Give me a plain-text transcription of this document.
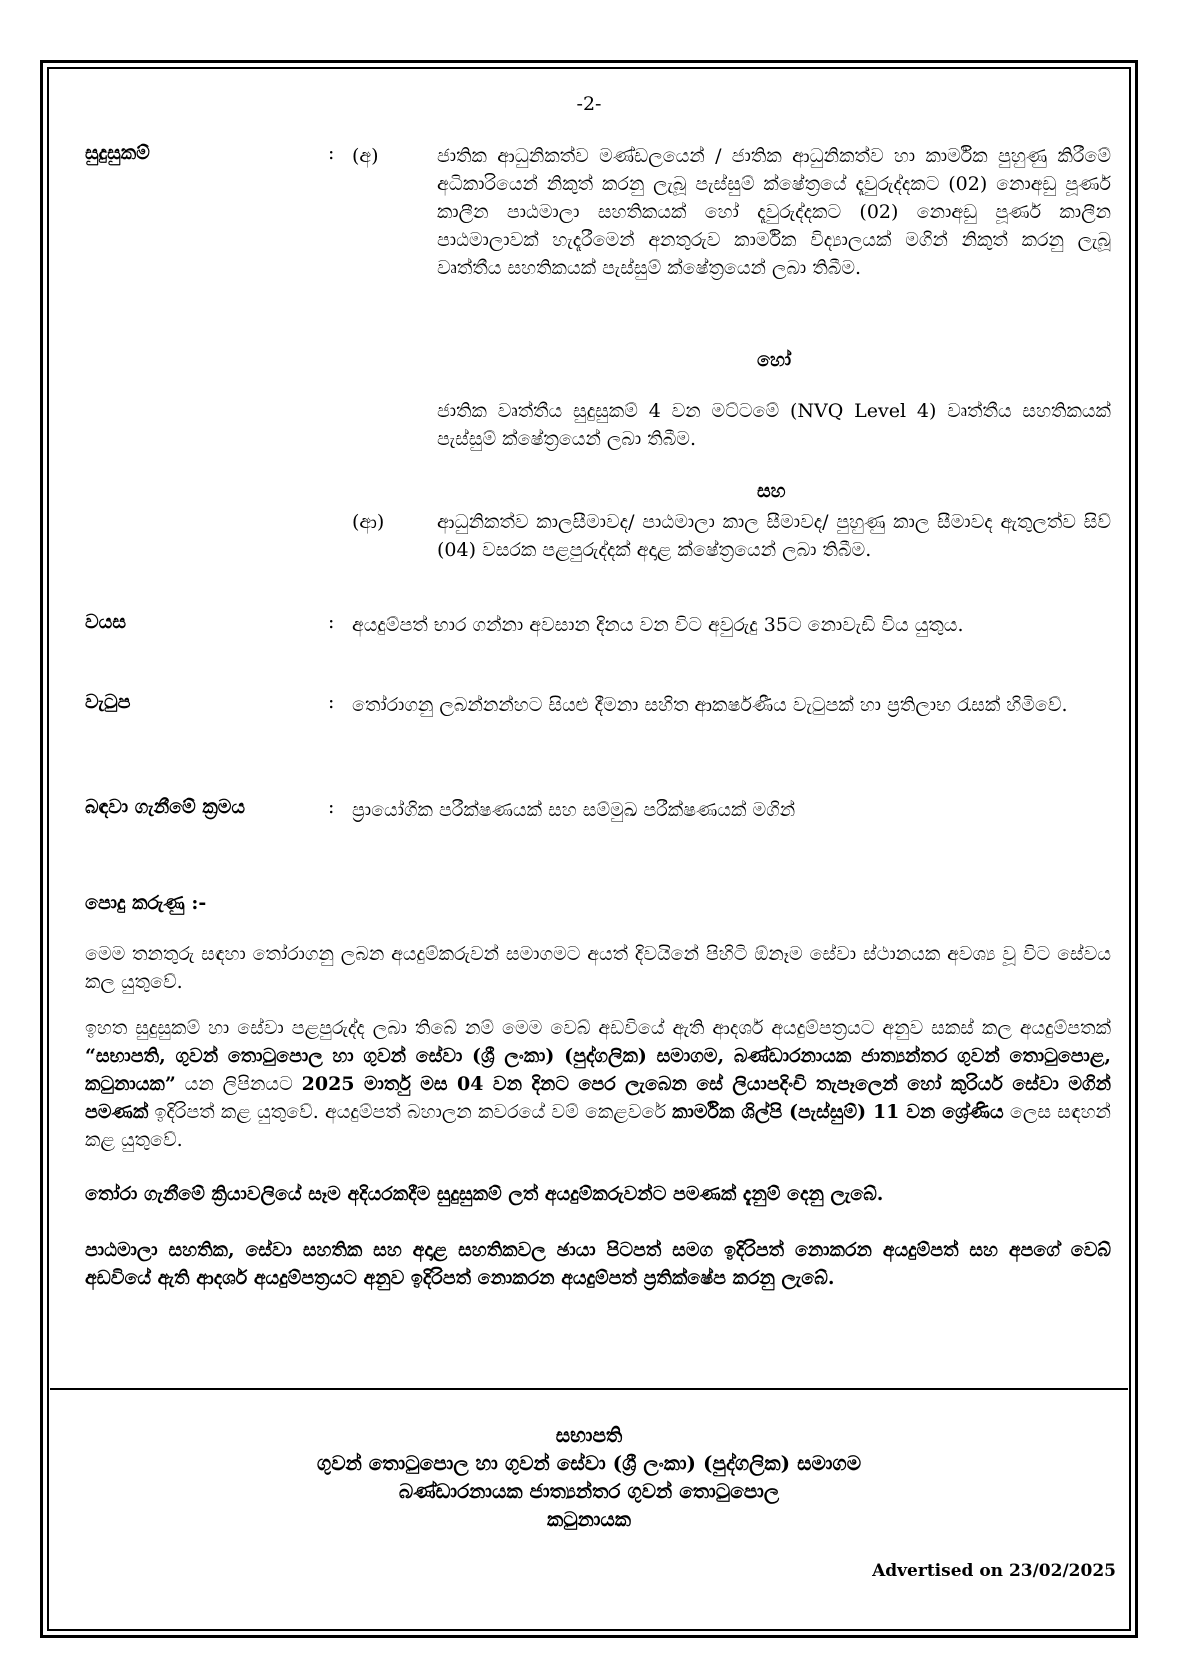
-2-
සුදුසුකම්	: (අ)	ජාතික ආධුනිකත්ව මණ්ඩලයෙන් / ජාතික ආධුනිකත්ව හා කාර්මික පුහුණු කිරීමේ අධිකාරියෙන් නිකුත් කරනු ලැබූ පැස්සුම් ක්ෂේත්‍රයේ දෑවුරුද්දකට (02) නොඅඩු පූර්ණ කාලීන පාඨමාලා සහතිකයක් හෝ දෑවුරුද්දකට (02) නොඅඩු පූර්ණ කාලීන පාඨමාලාවක් හැදෑරීමෙන් අනතුරුව කාර්මික විද්‍යාලයක් මගින් නිකුත් කරනු ලැබූ වෘත්තීය සහතිකයක් පැස්සුම් ක්ෂේත්‍රයෙන් ලබා තිබීම.
හෝ
ජාතික වෘත්තීය සුදුසුකම් 4 වන මට්ටමේ (NVQ Level 4) වෘත්තීය සහතිකයක් පැස්සුම් ක්ෂේත්‍රයෙන් ලබා තිබීම.
සහ
(ආ)	ආධුනිකත්ව කාලසීමාවද/ පාඨමාලා කාල සීමාවද/ පුහුණු කාල සීමාවද ඇතුලත්ව සිව් (04) වසරක පළපුරුද්දක් අදාළ ක්ෂේත්‍රයෙන් ලබා තිබීම.
වයස	: අයදුම්පත් භාර ගන්නා අවසාන දිනය වන විට අවුරුදු 35ට නොවැඩි විය යුතුය.
වැටුප	: තෝරාගනු ලබන්නන්හට සියළු දීමනා සහිත ආකර්ෂණීය වැටුපක් හා ප්‍රතිලාභ රැසක් හිමිවේ.
බඳවා ගැනීමේ ක්‍රමය	: ප්‍රායෝගික පරීක්ෂණයක් සහ සම්මුඛ පරීක්ෂණයක් මගින්
පොදු කරුණු :-
මෙම තනතුරු සඳහා තෝරාගනු ලබන අයදුම්කරුවන් සමාගමට අයත් දිවයිනේ පිහිටි ඕනෑම සේවා ස්ථානයක අවශ්‍ය වූ විට සේවය කල යුතුවේ.
ඉහත සුදුසුකම් හා සේවා පළපුරුද්ද ලබා තිබේ නම් මෙම වෙබ් අඩවියේ ඇති ආදර්ශ අයදුම්පත්‍රයට අනුව සකස් කල අයදුම්පතක් “සභාපති, ගුවන් තොටුපොල හා ගුවන් සේවා (ශ්‍රී ලංකා) (පුද්ගලික) සමාගම, බණ්ඩාරනායක ජාත්‍යන්තර ගුවන් තොටුපොළ, කටුනායක” යන ලිපිනයට 2025 මාර්තු මස 04 වන දිනට පෙර ලැබෙන සේ ලියාපදිංචි තැපෑලෙන් හෝ කුරියර් සේවා මගින් පමණක් ඉදිරිපත් කළ යුතුවේ. අයදුම්පත් බහාලන කවරයේ වම් කෙළවරේ කාර්මික ශිල්පි (පැස්සුම්) 11 වන ශ්‍රේණිය ලෙස සඳහන් කළ යුතුවේ.
තෝරා ගැනීමේ ක්‍රියාවලියේ සෑම අදියරකදීම සුදුසුකම් ලත් අයදුම්කරුවන්ට පමණක් දැනුම් දෙනු ලැබේ.
පාඨමාලා සහතික, සේවා සහතික සහ අදාළ සහතිකවල ඡායා පිටපත් සමග ඉදිරිපත් නොකරන අයදුම්පත් සහ අපගේ වෙබ් අඩවියේ ඇති ආදර්ශ අයදුම්පත්‍රයට අනුව ඉදිරිපත් නොකරන අයදුම්පත් ප්‍රතික්ෂේප කරනු ලැබේ.
සභාපති
ගුවන් තොටුපොල හා ගුවන් සේවා (ශ්‍රී ලංකා) (පුද්ගලික) සමාගම
බණ්ඩාරනායක ජාත්‍යන්තර ගුවන් තොටුපොල
කටුනායක
Advertised on 23/02/2025
